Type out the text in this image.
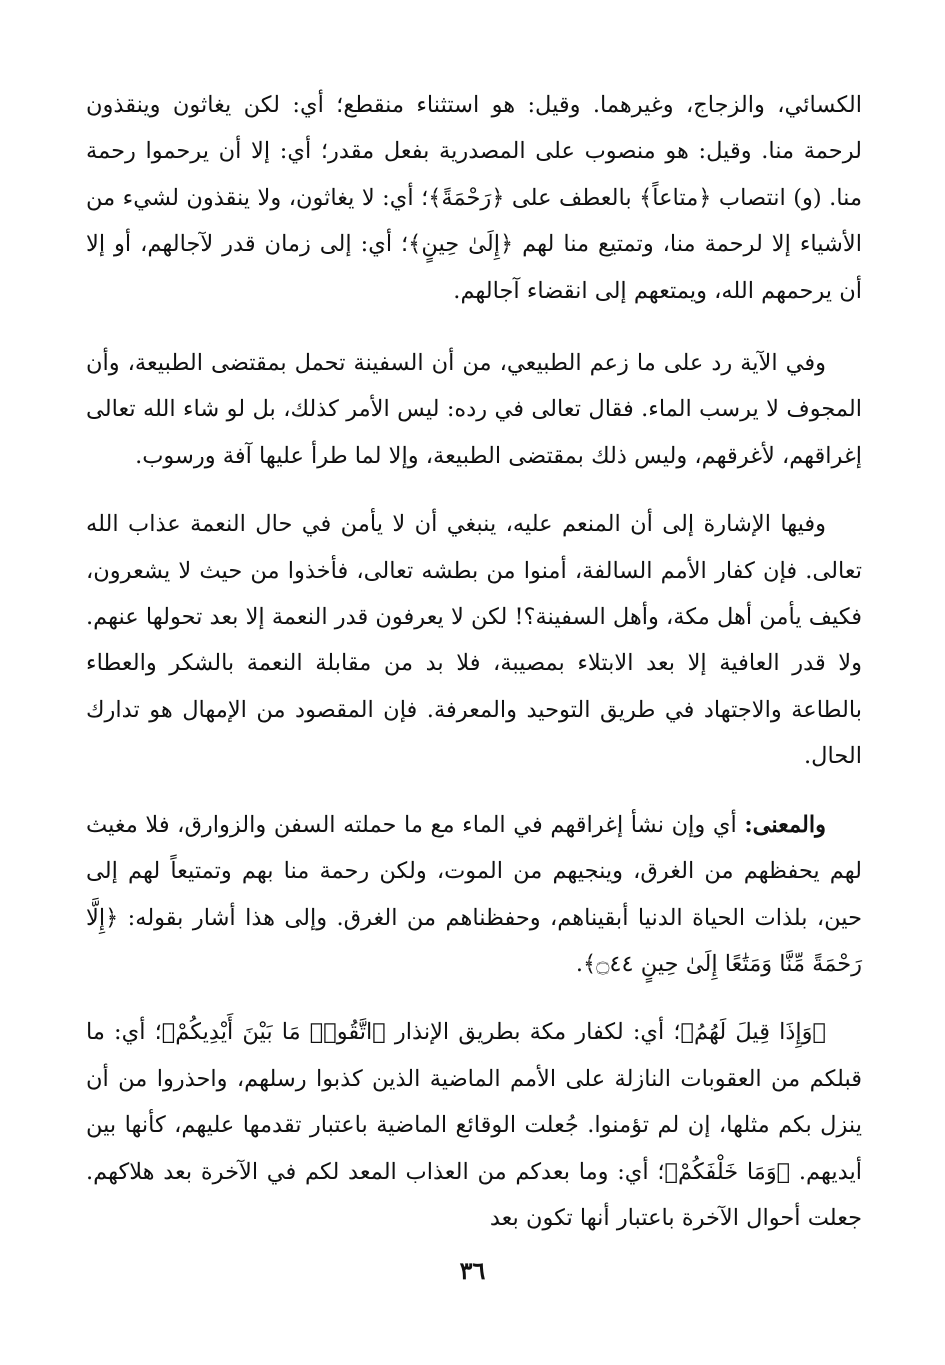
الكسائي، والزجاج، وغيرهما. وقيل: هو استثناء منقطع؛ أي: لكن يغاثون وينقذون لرحمة منا. وقيل: هو منصوب على المصدرية بفعل مقدر؛ أي: إلا أن يرحموا رحمة منا. (و) انتصاب ﴿متاعاً﴾ بالعطف على ﴿رَحْمَةً﴾؛ أي: لا يغاثون، ولا ينقذون لشيء من الأشياء إلا لرحمة منا، وتمتيع منا لهم ﴿إِلَىٰ حِينٍ﴾؛ أي: إلى زمان قدر لآجالهم، أو إلا أن يرحمهم الله، ويمتعهم إلى انقضاء آجالهم.

وفي الآية رد على ما زعم الطبيعي، من أن السفينة تحمل بمقتضى الطبيعة، وأن المجوف لا يرسب الماء. فقال تعالى في رده: ليس الأمر كذلك، بل لو شاء الله تعالى إغراقهم، لأغرقهم، وليس ذلك بمقتضى الطبيعة، وإلا لما طرأ عليها آفة ورسوب.

وفيها الإشارة إلى أن المنعم عليه، ينبغي أن لا يأمن في حال النعمة عذاب الله تعالى. فإن كفار الأمم السالفة، أمنوا من بطشه تعالى، فأخذوا من حيث لا يشعرون، فكيف يأمن أهل مكة، وأهل السفينة؟! لكن لا يعرفون قدر النعمة إلا بعد تحولها عنهم. ولا قدر العافية إلا بعد الابتلاء بمصيبة، فلا بد من مقابلة النعمة بالشكر والعطاء بالطاعة والاجتهاد في طريق التوحيد والمعرفة. فإن المقصود من الإمهال هو تدارك الحال.

والمعنى: أي وإن نشأ إغراقهم في الماء مع ما حملته السفن والزوارق، فلا مغيث لهم يحفظهم من الغرق، وينجيهم من الموت، ولكن رحمة منا بهم وتمتيعاً لهم إلى حين، بلذات الحياة الدنيا أبقيناهم، وحفظناهم من الغرق. وإلى هذا أشار بقوله: ﴿إِلَّا رَحْمَةً مِّنَّا وَمَتَٰعًا إِلَىٰ حِينٍ ۝٤٤﴾.

﴿وَإِذَا قِيلَ لَهُمُ﴾؛ أي: لكفار مكة بطريق الإنذار ﴿اتَّقُوا۟ مَا بَيْنَ أَيْدِيكُمْ﴾؛ أي: ما قبلكم من العقوبات النازلة على الأمم الماضية الذين كذبوا رسلهم، واحذروا من أن ينزل بكم مثلها، إن لم تؤمنوا. جُعلت الوقائع الماضية باعتبار تقدمها عليهم، كأنها بين أيديهم. ﴿وَمَا خَلْفَكُمْ﴾؛ أي: وما بعدكم من العذاب المعد لكم في الآخرة بعد هلاكهم. جعلت أحوال الآخرة باعتبار أنها تكون بعد

٣٦
